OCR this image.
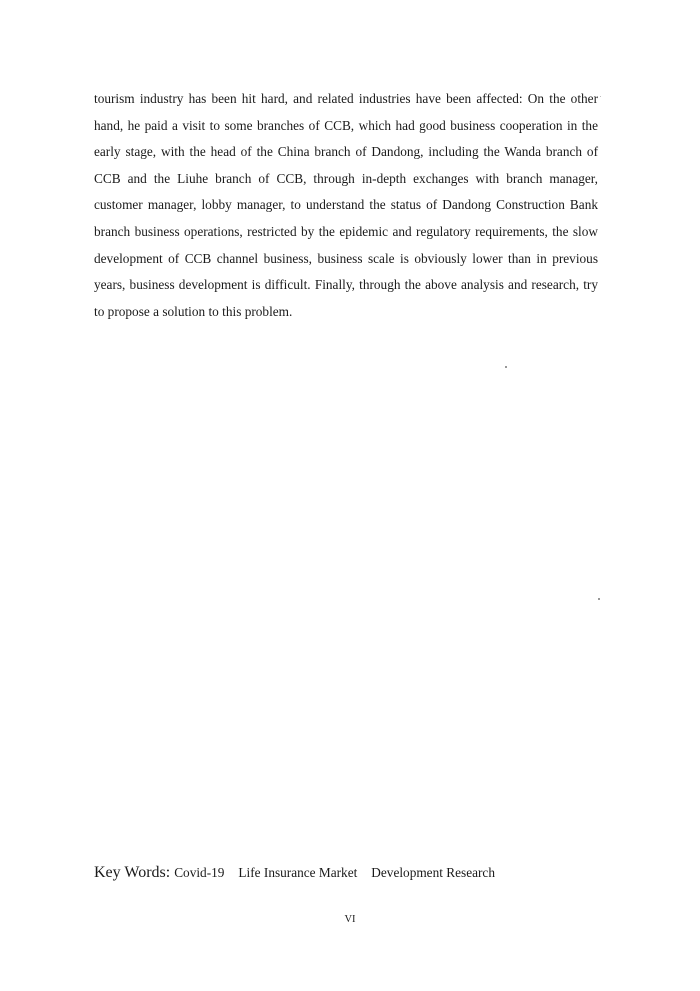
tourism industry has been hit hard, and related industries have been affected: On the other hand, he paid a visit to some branches of CCB, which had good business cooperation in the early stage, with the head of the China branch of Dandong, including the Wanda branch of CCB and the Liuhe branch of CCB, through in-depth exchanges with branch manager, customer manager, lobby manager, to understand the status of Dandong Construction Bank branch business operations, restricted by the epidemic and regulatory requirements, the slow development of CCB channel business, business scale is obviously lower than in previous years, business development is difficult. Finally, through the above analysis and research, try to propose a solution to this problem.

Key Words: Covid-19 Life Insurance Market Development Research
VI
